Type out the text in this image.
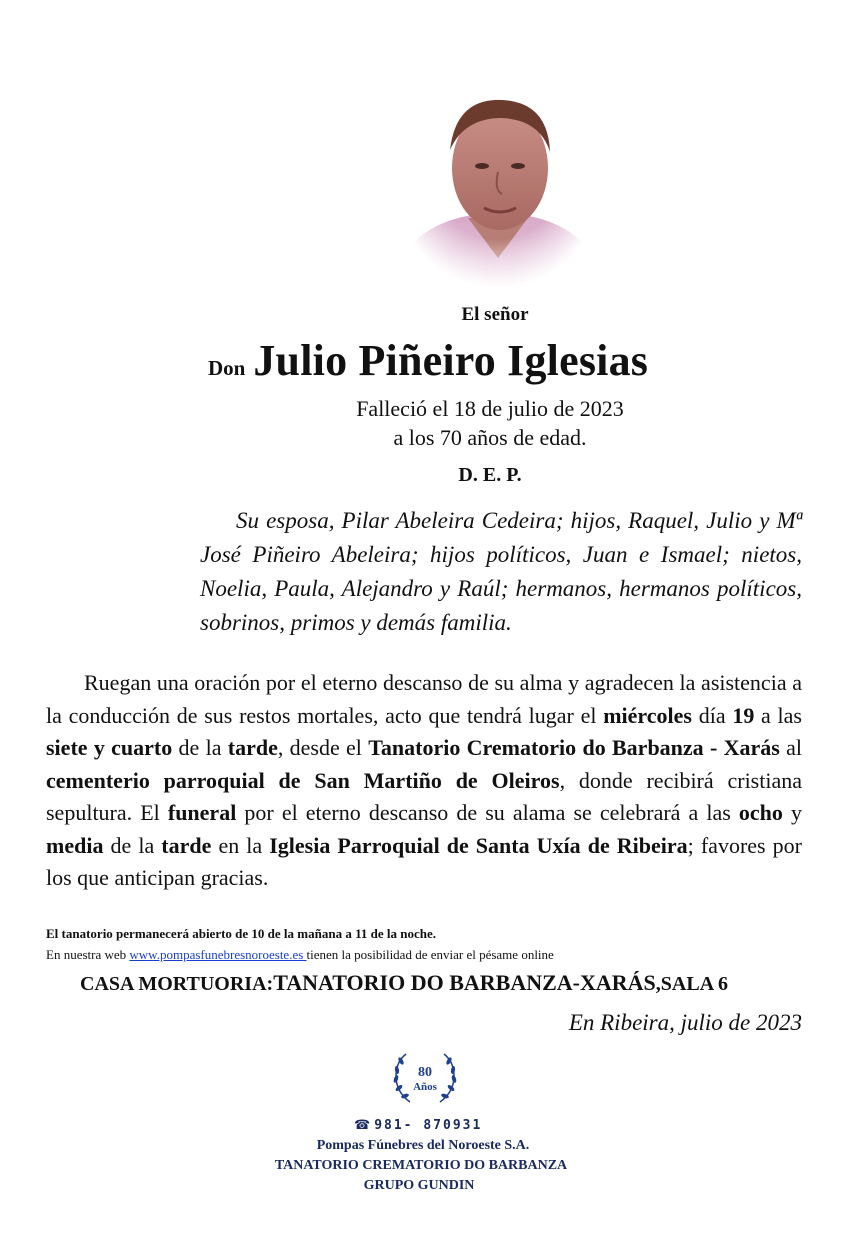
El señor
Don Julio Piñeiro Iglesias
Falleció el 18 de julio de 2023
a los 70 años de edad.
D. E. P.
Su esposa, Pilar Abeleira Cedeira; hijos, Raquel, Julio y Mª José Piñeiro Abeleira; hijos políticos, Juan e Ismael; nietos, Noelia, Paula, Alejandro y Raúl; hermanos, hermanos políticos, sobrinos, primos y demás familia.
Ruegan una oración por el eterno descanso de su alma y agradecen la asistencia a la conducción de sus restos mortales, acto que tendrá lugar el miércoles día 19 a las siete y cuarto de la tarde, desde el Tanatorio Crematorio do Barbanza - Xarás al cementerio parroquial de San Martiño de Oleiros, donde recibirá cristiana sepultura. El funeral por el eterno descanso de su alama se celebrará a las ocho y media de la tarde en la Iglesia Parroquial de Santa Uxía de Ribeira; favores por los que anticipan gracias.
El tanatorio permanecerá abierto de 10 de la mañana a 11 de la noche.
En nuestra web www.pompasfunebresnoroeste.es tienen la posibilidad de enviar el pésame online
CASA MORTUORIA:TANATORIO DO BARBANZA-XARÁS,SALA 6
En Ribeira, julio de 2023
80
Años
☎ 981- 870931
Pompas Fúnebres del Noroeste S.A.
TANATORIO CREMATORIO DO BARBANZA
GRUPO GUNDIN
